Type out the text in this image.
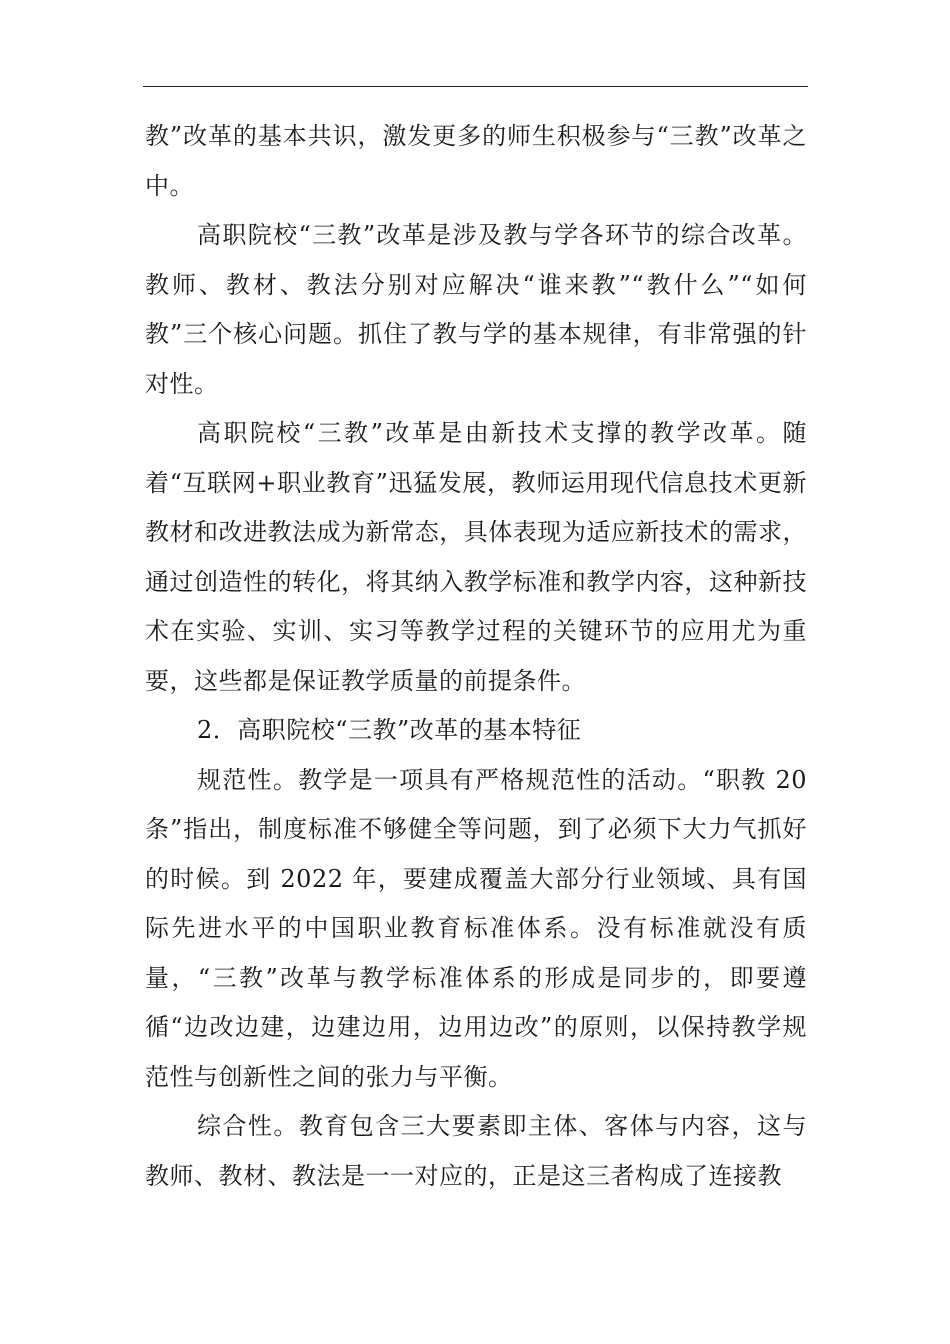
教”改革的基本共识，激发更多的师生积极参与“三教”改革之中。

高职院校“三教”改革是涉及教与学各环节的综合改革。教师、教材、教法分别对应解决“谁来教”“教什么”“如何教”三个核心问题。抓住了教与学的基本规律，有非常强的针对性。

高职院校“三教”改革是由新技术支撑的教学改革。随着“互联网+职业教育”迅猛发展，教师运用现代信息技术更新教材和改进教法成为新常态，具体表现为适应新技术的需求，通过创造性的转化，将其纳入教学标准和教学内容，这种新技术在实验、实训、实习等教学过程的关键环节的应用尤为重要，这些都是保证教学质量的前提条件。

2．高职院校“三教”改革的基本特征

规范性。教学是一项具有严格规范性的活动。“职教 20 条”指出，制度标准不够健全等问题，到了必须下大力气抓好的时候。到 2022 年，要建成覆盖大部分行业领域、具有国际先进水平的中国职业教育标准体系。没有标准就没有质量，“三教”改革与教学标准体系的形成是同步的，即要遵循“边改边建，边建边用，边用边改”的原则，以保持教学规范性与创新性之间的张力与平衡。

综合性。教育包含三大要素即主体、客体与内容，这与教师、教材、教法是一一对应的，正是这三者构成了连接教
